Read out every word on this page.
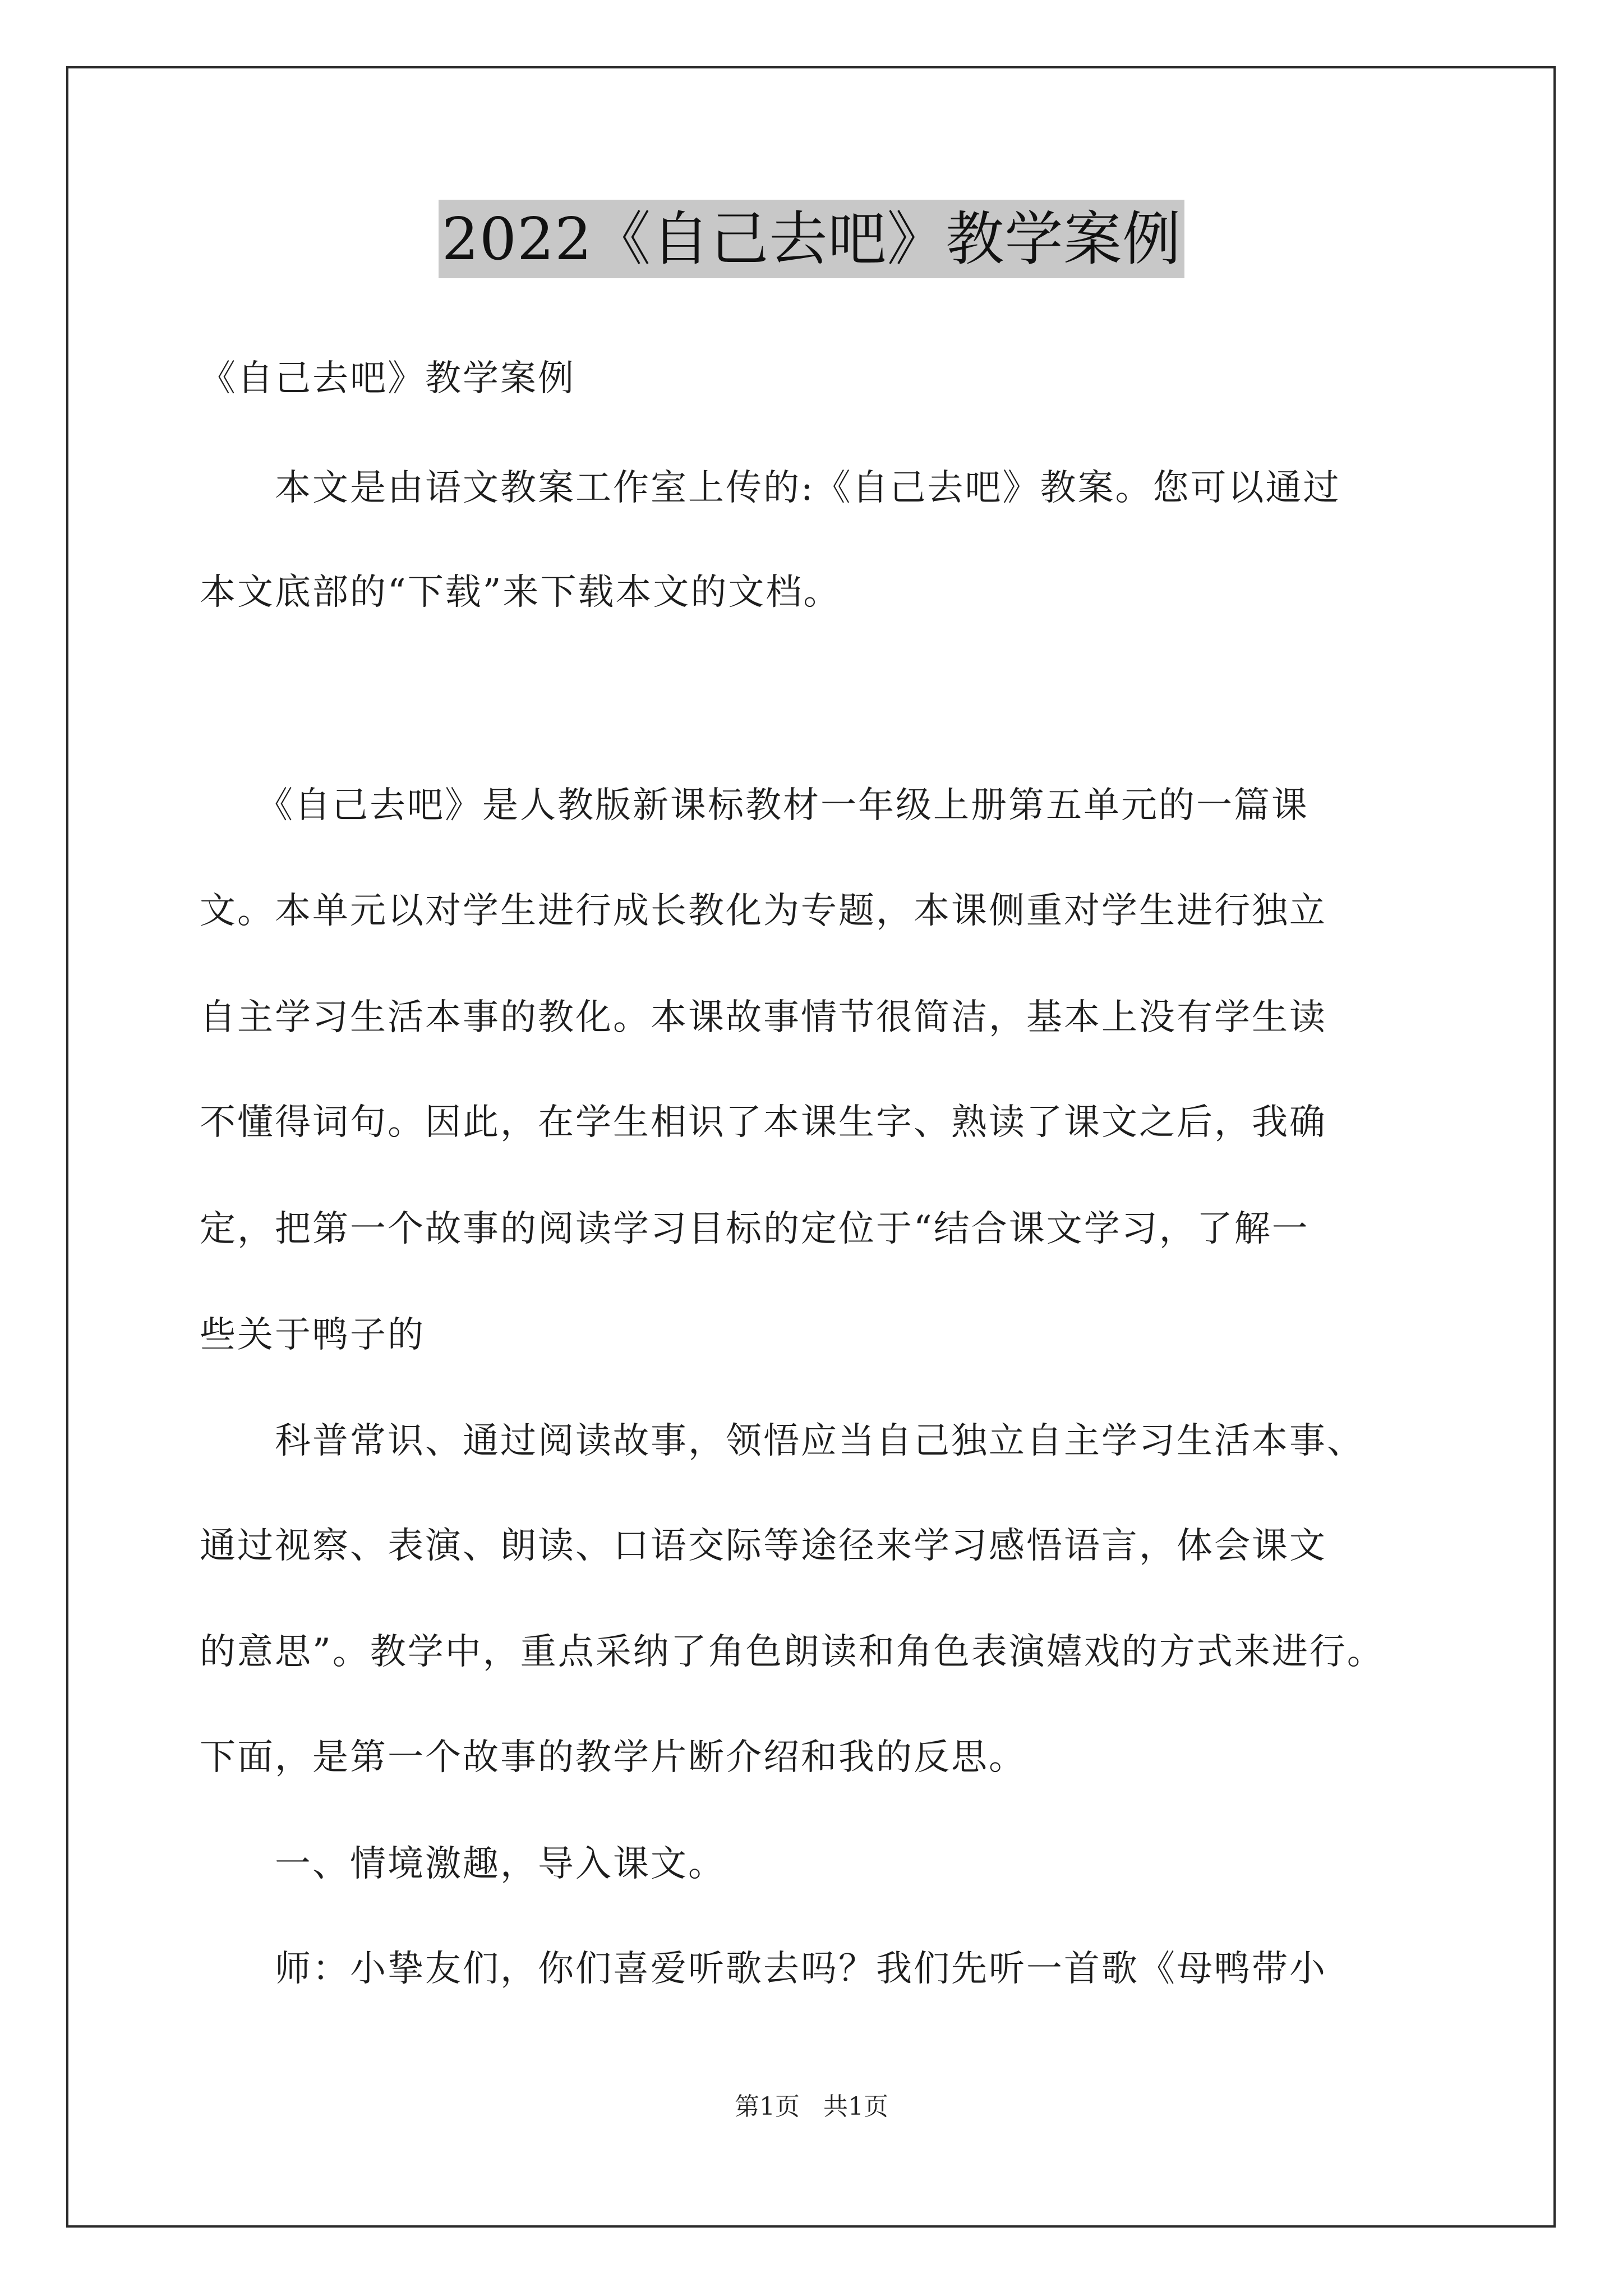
2022《自己去吧》教学案例
《自己去吧》教学案例
　　本文是由语文教案工作室上传的:《自己去吧》教案。您可以通过
本文底部的“下载”来下载本文的文档。
　　《自己去吧》是人教版新课标教材一年级上册第五单元的一篇课
文。本单元以对学生进行成长教化为专题，本课侧重对学生进行独立
自主学习生活本事的教化。本课故事情节很简洁，基本上没有学生读
不懂得词句。因此，在学生相识了本课生字、熟读了课文之后，我确
定，把第一个故事的阅读学习目标的定位于“结合课文学习，了解一
些关于鸭子的
　　科普常识、通过阅读故事，领悟应当自己独立自主学习生活本事、
通过视察、表演、朗读、口语交际等途径来学习感悟语言，体会课文
的意思”。教学中，重点采纳了角色朗读和角色表演嬉戏的方式来进行。
下面，是第一个故事的教学片断介绍和我的反思。
　　一、情境激趣，导入课文。
　　师：小挚友们，你们喜爱听歌去吗？我们先听一首歌《母鸭带小
第1页 共1页
